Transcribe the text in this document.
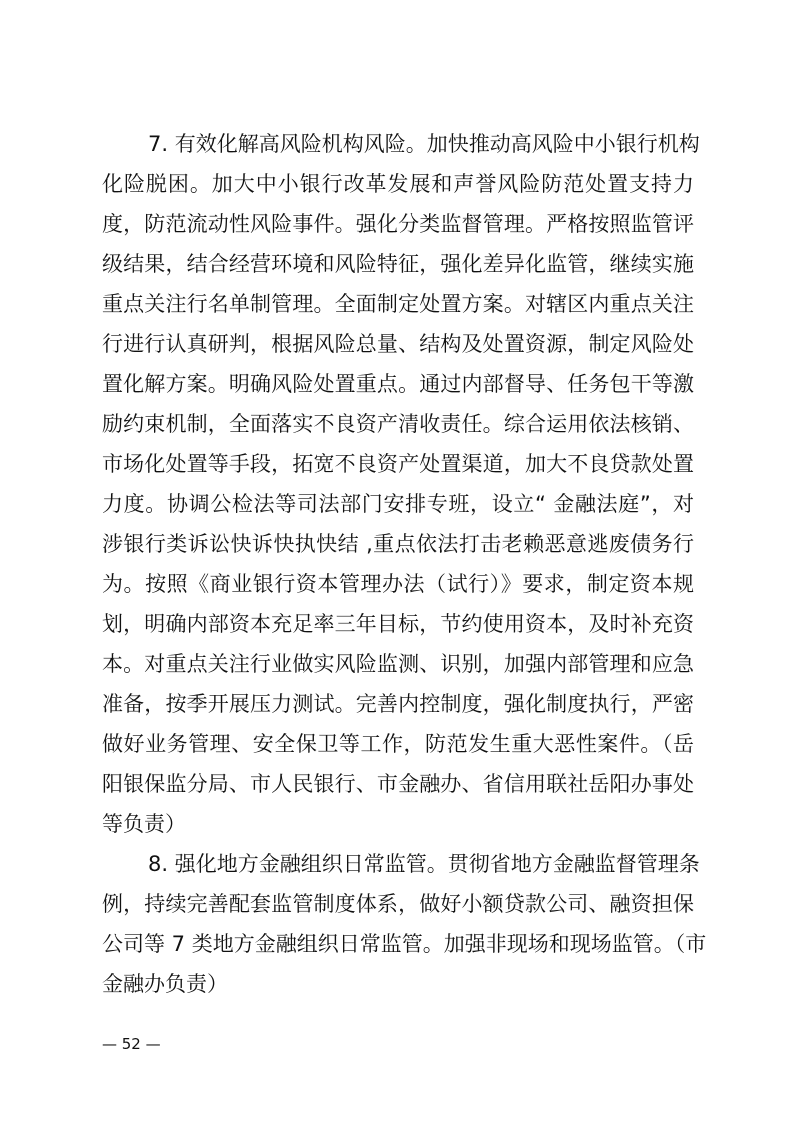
7. 有效化解高风险机构风险。加快推动高风险中小银行机构
化险脱困。加大中小银行改革发展和声誉风险防范处置支持力
度，防范流动性风险事件。强化分类监督管理。严格按照监管评
级结果，结合经营环境和风险特征，强化差异化监管，继续实施
重点关注行名单制管理。全面制定处置方案。对辖区内重点关注
行进行认真研判，根据风险总量、结构及处置资源，制定风险处
置化解方案。明确风险处置重点。通过内部督导、任务包干等激
励约束机制，全面落实不良资产清收责任。综合运用依法核销、
市场化处置等手段，拓宽不良资产处置渠道，加大不良贷款处置
力度。协调公检法等司法部门安排专班，设立“ 金融法庭”，对
涉银行类诉讼快诉快执快结 ,重点依法打击老赖恶意逃废债务行
为。按照《商业银行资本管理办法（试行）》要求，制定资本规
划，明确内部资本充足率三年目标，节约使用资本，及时补充资
本。对重点关注行业做实风险监测、识别，加强内部管理和应急
准备，按季开展压力测试。完善内控制度，强化制度执行，严密
做好业务管理、安全保卫等工作，防范发生重大恶性案件。（岳
阳银保监分局、市人民银行、市金融办、省信用联社岳阳办事处
等负责）
8. 强化地方金融组织日常监管。贯彻省地方金融监督管理条
例，持续完善配套监管制度体系，做好小额贷款公司、融资担保
公司等 7 类地方金融组织日常监管。加强非现场和现场监管。（市
金融办负责）
— 52 —
